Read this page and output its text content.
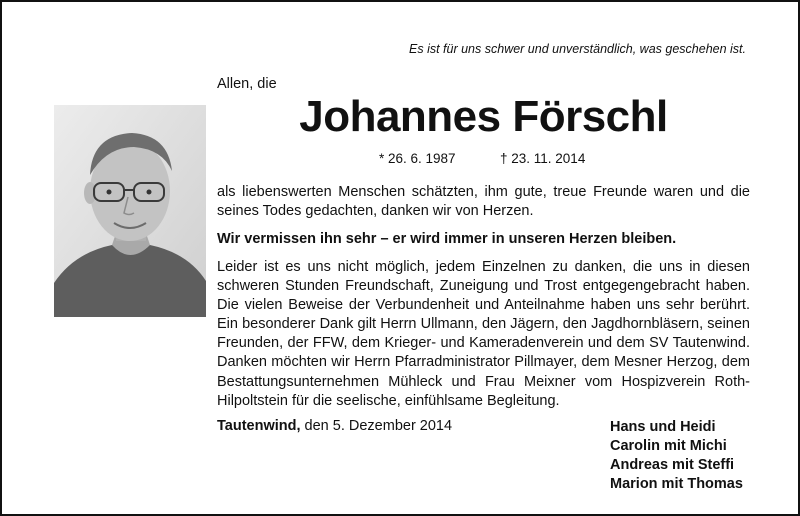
Es ist für uns schwer und unverständlich, was geschehen ist.
Allen, die
Johannes Förschl
* 26. 6. 1987	† 23. 11. 2014

als liebenswerten Menschen schätzten, ihm gute, treue Freunde waren und die seines Todes gedachten, danken wir von Herzen.

Wir vermissen ihn sehr – er wird immer in unseren Herzen bleiben.

Leider ist es uns nicht möglich, jedem Einzelnen zu danken, die uns in diesen schweren Stunden Freundschaft, Zuneigung und Trost entgegengebracht haben. Die vielen Beweise der Verbundenheit und Anteilnahme haben uns sehr berührt. Ein besonderer Dank gilt Herrn Ullmann, den Jägern, den Jagdhornbläsern, seinen Freunden, der FFW, dem Krieger- und Kameradenverein und dem SV Tautenwind. Danken möchten wir Herrn Pfarradministrator Pillmayer, dem Mesner Herzog, dem Bestattungsunternehmen Mühleck und Frau Meixner vom Hospizverein Roth-Hilpoltstein für die seelische, einfühlsame Begleitung.

Tautenwind, den 5. Dezember 2014	Hans und Heidi
Carolin mit Michi
Andreas mit Steffi
Marion mit Thomas
